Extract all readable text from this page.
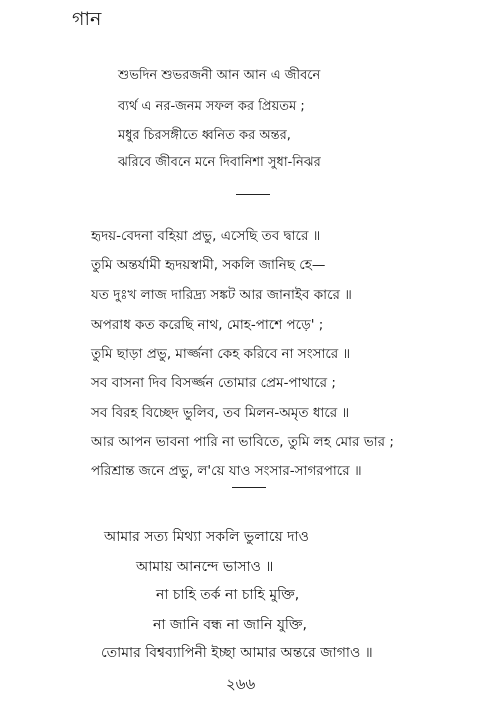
গান
শুভদিন শুভরজনী আন আন এ জীবনে
ব্যর্থ এ নর-জনম সফল কর প্রিয়তম ;
মধুর চিরসঙ্গীতে ধ্বনিত কর অন্তর,
ঝরিবে জীবনে মনে দিবানিশা সুধা-নিঝর
হৃদয়-বেদনা বহিয়া প্রভু, এসেছি তব দ্বারে ॥
তুমি অন্তর্যামী হৃদয়স্বামী, সকলি জানিছ হে—
যত দুঃখ লাজ দারিদ্র্য সঙ্কট আর জানাইব কারে ॥
অপরাধ কত করেছি নাথ, মোহ-পাশে পড়ে' ;
তুমি ছাড়া প্রভু, মার্জ্জনা কেহ করিবে না সংসারে ॥
সব বাসনা দিব বিসর্জ্জন তোমার প্রেম-পাথারে ;
সব বিরহ বিচ্ছেদ ভুলিব, তব মিলন-অমৃত ধারে ॥
আর আপন ভাবনা পারি না ভাবিতে, তুমি লহ মোর ভার ;
পরিশ্রান্ত জনে প্রভু, ল'য়ে যাও সংসার-সাগরপারে ॥
আমার সত্য মিথ্যা সকলি ভুলায়ে দাও
আমায় আনন্দে ভাসাও ॥
না চাহি তর্ক না চাহি মুক্তি,
না জানি বন্ধ না জানি যুক্তি,
তোমার বিশ্বব্যাপিনী ইচ্ছা আমার অন্তরে জাগাও ॥
২৬৬
